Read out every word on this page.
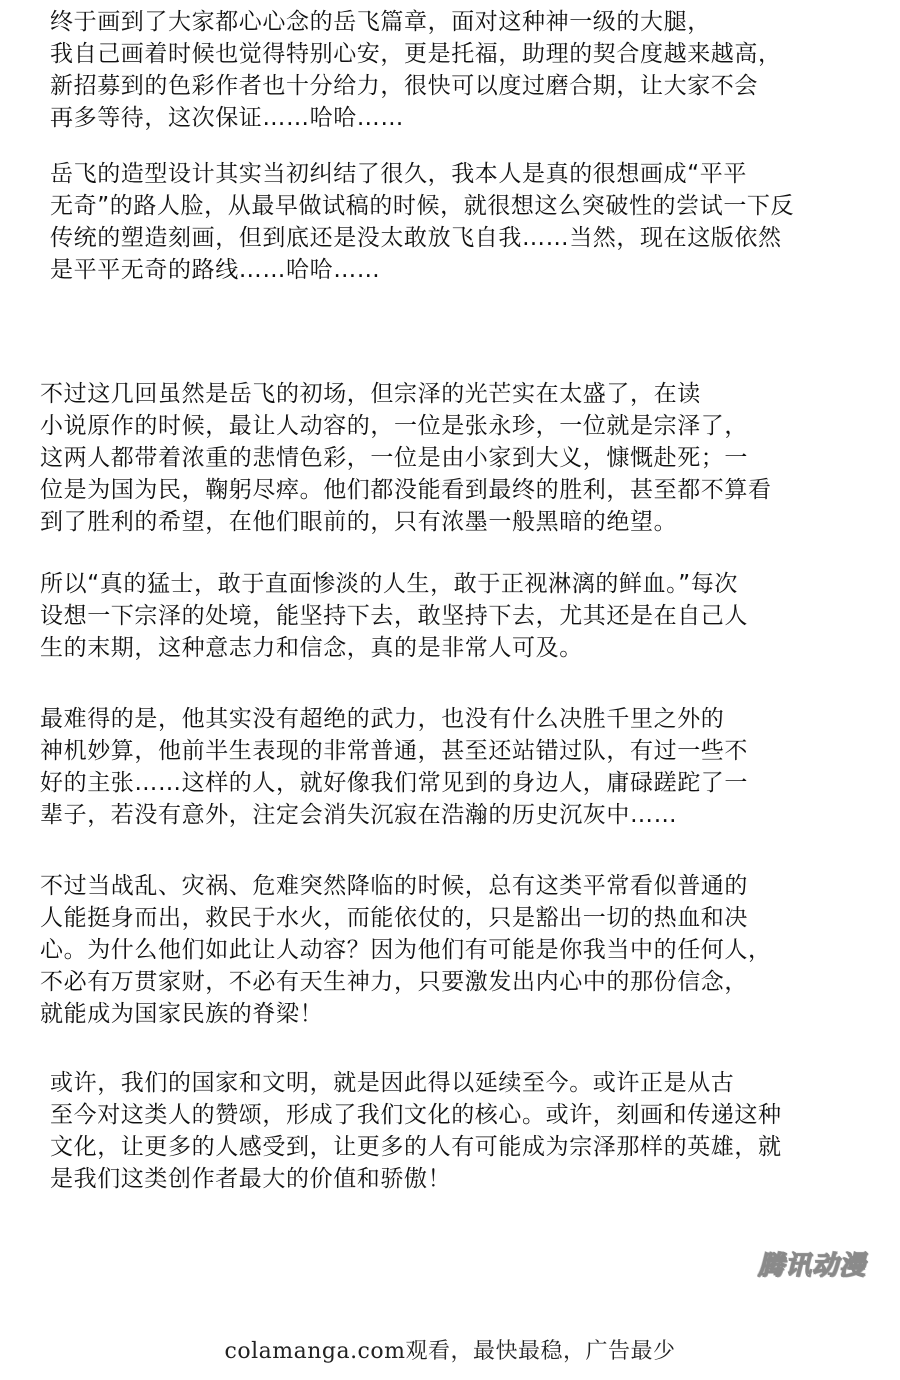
终于画到了大家都心心念的岳飞篇章，面对这种神一级的大腿，
我自己画着时候也觉得特别心安，更是托福，助理的契合度越来越高，
新招募到的色彩作者也十分给力，很快可以度过磨合期，让大家不会
再多等待，这次保证……哈哈……
岳飞的造型设计其实当初纠结了很久，我本人是真的很想画成“平平
无奇”的路人脸，从最早做试稿的时候，就很想这么突破性的尝试一下反
传统的塑造刻画，但到底还是没太敢放飞自我……当然，现在这版依然
是平平无奇的路线……哈哈……
不过这几回虽然是岳飞的初场，但宗泽的光芒实在太盛了，在读
小说原作的时候，最让人动容的，一位是张永珍，一位就是宗泽了，
这两人都带着浓重的悲情色彩，一位是由小家到大义，慷慨赴死；一
位是为国为民，鞠躬尽瘁。他们都没能看到最终的胜利，甚至都不算看
到了胜利的希望，在他们眼前的，只有浓墨一般黑暗的绝望。
所以“真的猛士，敢于直面惨淡的人生，敢于正视淋漓的鲜血。”每次
设想一下宗泽的处境，能坚持下去，敢坚持下去，尤其还是在自己人
生的末期，这种意志力和信念，真的是非常人可及。
最难得的是，他其实没有超绝的武力，也没有什么决胜千里之外的
神机妙算，他前半生表现的非常普通，甚至还站错过队，有过一些不
好的主张……这样的人，就好像我们常见到的身边人，庸碌蹉跎了一
辈子，若没有意外，注定会消失沉寂在浩瀚的历史沉灰中……
不过当战乱、灾祸、危难突然降临的时候，总有这类平常看似普通的
人能挺身而出，救民于水火，而能依仗的，只是豁出一切的热血和决
心。为什么他们如此让人动容？因为他们有可能是你我当中的任何人，
不必有万贯家财，不必有天生神力，只要激发出内心中的那份信念，
就能成为国家民族的脊梁！
或许，我们的国家和文明，就是因此得以延续至今。或许正是从古
至今对这类人的赞颂，形成了我们文化的核心。或许，刻画和传递这种
文化，让更多的人感受到，让更多的人有可能成为宗泽那样的英雄，就
是我们这类创作者最大的价值和骄傲！
腾讯动漫
colamanga.com观看，最快最稳，广告最少
